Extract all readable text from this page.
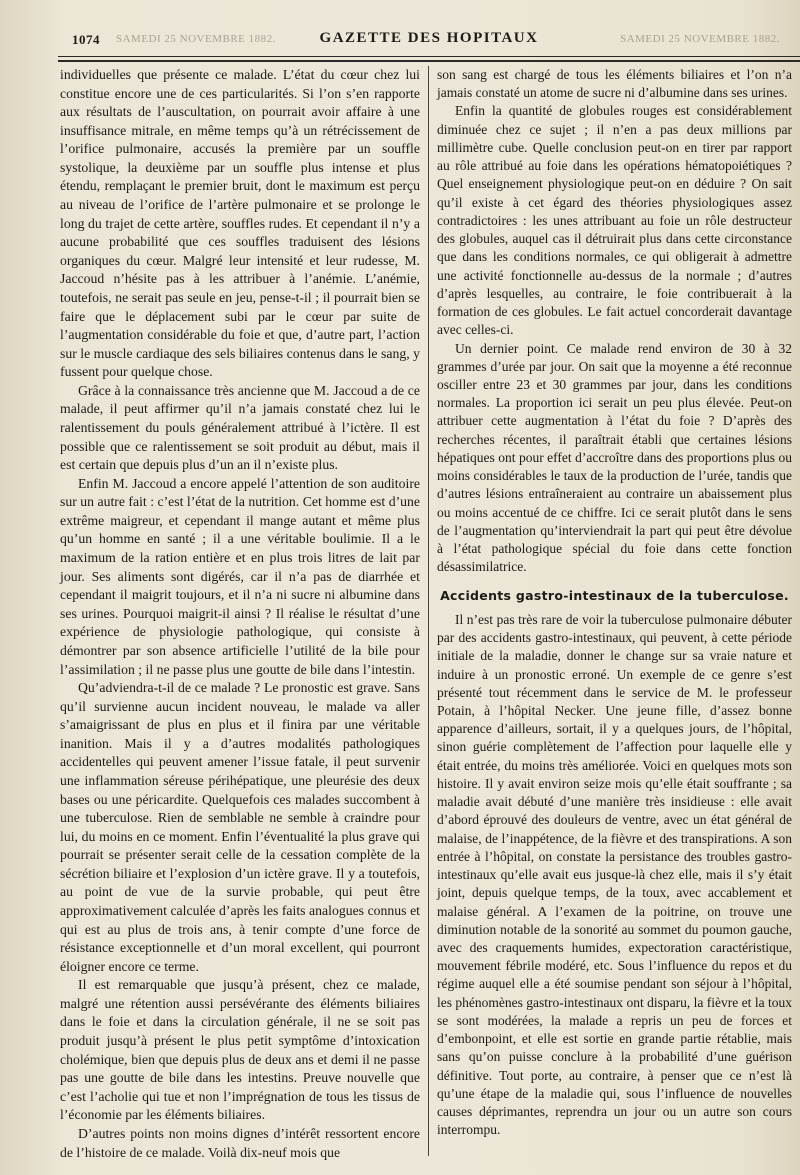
1074 SAMEDI 25 NOVEMBRE 1882.	GAZETTE DES HOPITAUX	SAMEDI 25 NOVEMBRE 1882.

individuelles que présente ce malade. L’état du cœur chez lui constitue encore une de ces particularités. Si l’on s’en rapporte aux résultats de l’auscultation, on pourrait avoir affaire à une insuffisance mitrale, en même temps qu’à un rétrécissement de l’orifice pulmonaire, accusés la première par un souffle systolique, la deuxième par un souffle plus intense et plus étendu, remplaçant le premier bruit, dont le maximum est perçu au niveau de l’orifice de l’artère pulmonaire et se prolonge le long du trajet de cette artère, souffles rudes. Et cependant il n’y a aucune probabilité que ces souffles traduisent des lésions organiques du cœur. Malgré leur intensité et leur rudesse, M. Jaccoud n’hésite pas à les attribuer à l’anémie. L’anémie, toutefois, ne serait pas seule en jeu, pense-t-il ; il pourrait bien se faire que le déplacement subi par le cœur par suite de l’augmentation considérable du foie et que, d’autre part, l’action sur le muscle cardiaque des sels biliaires contenus dans le sang, y fussent pour quelque chose.

Grâce à la connaissance très ancienne que M. Jaccoud a de ce malade, il peut affirmer qu’il n’a jamais constaté chez lui le ralentissement du pouls généralement attribué à l’ictère. Il est possible que ce ralentissement se soit produit au début, mais il est certain que depuis plus d’un an il n’existe plus.

Enfin M. Jaccoud a encore appelé l’attention de son auditoire sur un autre fait : c’est l’état de la nutrition. Cet homme est d’une extrême maigreur, et cependant il mange autant et même plus qu’un homme en santé ; il a une véritable boulimie. Il a le maximum de la ration entière et en plus trois litres de lait par jour. Ses aliments sont digérés, car il n’a pas de diarrhée et cependant il maigrit toujours, et il n’a ni sucre ni albumine dans ses urines. Pourquoi maigrit-il ainsi ? Il réalise le résultat d’une expérience de physiologie pathologique, qui consiste à démontrer par son absence artificielle l’utilité de la bile pour l’assimilation ; il ne passe plus une goutte de bile dans l’intestin.

Qu’adviendra-t-il de ce malade ? Le pronostic est grave. Sans qu’il survienne aucun incident nouveau, le malade va aller s’amaigrissant de plus en plus et il finira par une véritable inanition. Mais il y a d’autres modalités pathologiques accidentelles qui peuvent amener l’issue fatale, il peut survenir une inflammation séreuse périhépatique, une pleurésie des deux bases ou une péricardite. Quelquefois ces malades succombent à une tuberculose. Rien de semblable ne semble à craindre pour lui, du moins en ce moment. Enfin l’éventualité la plus grave qui pourrait se présenter serait celle de la cessation complète de la sécrétion biliaire et l’explosion d’un ictère grave. Il y a toutefois, au point de vue de la survie probable, qui peut être approximativement calculée d’après les faits analogues connus et qui est au plus de trois ans, à tenir compte d’une force de résistance exceptionnelle et d’un moral excellent, qui pourront éloigner encore ce terme.

Il est remarquable que jusqu’à présent, chez ce malade, malgré une rétention aussi persévérante des éléments biliaires dans le foie et dans la circulation générale, il ne se soit pas produit jusqu’à présent le plus petit symptôme d’intoxication cholémique, bien que depuis plus de deux ans et demi il ne passe pas une goutte de bile dans les intestins. Preuve nouvelle que c’est l’acholie qui tue et non l’imprégnation de tous les tissus de l’économie par les éléments biliaires.

D’autres points non moins dignes d’intérêt ressortent encore de l’histoire de ce malade. Voilà dix-neuf mois que

son sang est chargé de tous les éléments biliaires et l’on n’a jamais constaté un atome de sucre ni d’albumine dans ses urines.

Enfin la quantité de globules rouges est considérablement diminuée chez ce sujet ; il n’en a pas deux millions par millimètre cube. Quelle conclusion peut-on en tirer par rapport au rôle attribué au foie dans les opérations hématopoiétiques ? Quel enseignement physiologique peut-on en déduire ? On sait qu’il existe à cet égard des théories physiologiques assez contradictoires : les unes attribuant au foie un rôle destructeur des globules, auquel cas il détruirait plus dans cette circonstance que dans les conditions normales, ce qui obligerait à admettre une activité fonctionnelle au-dessus de la normale ; d’autres d’après lesquelles, au contraire, le foie contribuerait à la formation de ces globules. Le fait actuel concorderait davantage avec celles-ci.

Un dernier point. Ce malade rend environ de 30 à 32 grammes d’urée par jour. On sait que la moyenne a été reconnue osciller entre 23 et 30 grammes par jour, dans les conditions normales. La proportion ici serait un peu plus élevée. Peut-on attribuer cette augmentation à l’état du foie ? D’après des recherches récentes, il paraîtrait établi que certaines lésions hépatiques ont pour effet d’accroître dans des proportions plus ou moins considérables le taux de la production de l’urée, tandis que d’autres lésions entraîneraient au contraire un abaissement plus ou moins accentué de ce chiffre. Ici ce serait plutôt dans le sens de l’augmentation qu’interviendrait la part qui peut être dévolue à l’état pathologique spécial du foie dans cette fonction désassimilatrice.

Accidents gastro-intestinaux de la tuberculose.

Il n’est pas très rare de voir la tuberculose pulmonaire débuter par des accidents gastro-intestinaux, qui peuvent, à cette période initiale de la maladie, donner le change sur sa vraie nature et induire à un pronostic erroné. Un exemple de ce genre s’est présenté tout récemment dans le service de M. le professeur Potain, à l’hôpital Necker. Une jeune fille, d’assez bonne apparence d’ailleurs, sortait, il y a quelques jours, de l’hôpital, sinon guérie complètement de l’affection pour laquelle elle y était entrée, du moins très améliorée. Voici en quelques mots son histoire. Il y avait environ seize mois qu’elle était souffrante ; sa maladie avait débuté d’une manière très insidieuse : elle avait d’abord éprouvé des douleurs de ventre, avec un état général de malaise, de l’inappétence, de la fièvre et des transpirations. A son entrée à l’hôpital, on constate la persistance des troubles gastro-intestinaux qu’elle avait eus jusque-là chez elle, mais il s’y était joint, depuis quelque temps, de la toux, avec accablement et malaise général. A l’examen de la poitrine, on trouve une diminution notable de la sonorité au sommet du poumon gauche, avec des craquements humides, expectoration caractéristique, mouvement fébrile modéré, etc. Sous l’influence du repos et du régime auquel elle a été soumise pendant son séjour à l’hôpital, les phénomènes gastro-intestinaux ont disparu, la fièvre et la toux se sont modérées, la malade a repris un peu de forces et d’embonpoint, et elle est sortie en grande partie rétablie, mais sans qu’on puisse conclure à la probabilité d’une guérison définitive. Tout porte, au contraire, à penser que ce n’est là qu’une étape de la maladie qui, sous l’influence de nouvelles causes déprimantes, reprendra un jour ou un autre son cours interrompu.
